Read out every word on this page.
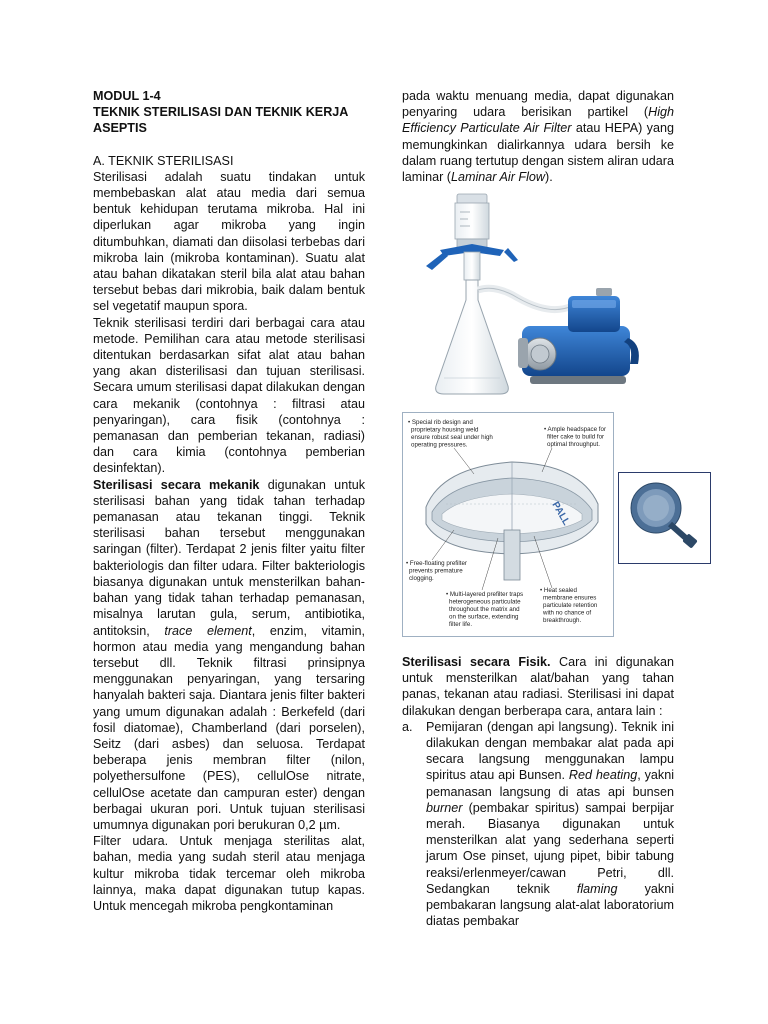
MODUL 1-4

TEKNIK STERILISASI DAN TEKNIK KERJA

ASEPTIS

A. TEKNIK STERILISASI

Sterilisasi adalah suatu tindakan untuk membebaskan alat atau media dari semua bentuk kehidupan terutama mikroba. Hal ini diperlukan agar mikroba yang ingin ditumbuhkan, diamati dan diisolasi terbebas dari mikroba lain (mikroba kontaminan). Suatu alat atau bahan dikatakan steril bila alat atau bahan tersebut bebas dari mikrobia, baik dalam bentuk sel vegetatif maupun spora.

Teknik sterilisasi terdiri dari berbagai cara atau metode. Pemilihan cara atau metode sterilisasi ditentukan berdasarkan sifat alat atau bahan yang akan disterilisasi dan tujuan sterilisasi. Secara umum sterilisasi dapat dilakukan dengan cara mekanik (contohnya : filtrasi atau penyaringan), cara fisik (contohnya : pemanasan dan pemberian tekanan, radiasi) dan cara kimia (contohnya pemberian desinfektan).

Sterilisasi secara mekanik digunakan untuk sterilisasi bahan yang tidak tahan terhadap pemanasan atau tekanan tinggi. Teknik sterilisasi bahan tersebut menggunakan saringan (filter). Terdapat 2 jenis filter yaitu filter bakteriologis dan filter udara. Filter bakteriologis biasanya digunakan untuk mensterilkan bahan-bahan yang tidak tahan terhadap pemanasan, misalnya larutan gula, serum, antibiotika, antitoksin, trace element, enzim, vitamin, hormon atau media yang mengandung bahan tersebut dll. Teknik filtrasi prinsipnya menggunakan penyaringan, yang tersaring hanyalah bakteri saja. Diantara jenis filter bakteri yang umum digunakan adalah : Berkefeld (dari fosil diatomae), Chamberland (dari porselen), Seitz (dari asbes) dan seluosa. Terdapat beberapa jenis membran filter (nilon, polyethersulfone (PES), cellulOse nitrate, cellulOse acetate dan campuran ester) dengan berbagai ukuran pori. Untuk tujuan sterilisasi umumnya digunakan pori berukuran 0,2 µm.

Filter udara. Untuk menjaga sterilitas alat, bahan, media yang sudah steril atau menjaga kultur mikroba tidak tercemar oleh mikroba lainnya, maka dapat digunakan tutup kapas. Untuk mencegah mikroba pengkontaminan

pada waktu menuang media, dapat digunakan penyaring udara berisikan partikel (High Efficiency Particulate Air Filter atau HEPA) yang memungkinkan dialirkannya udara bersih ke dalam ruang tertutup dengan sistem aliran udara laminar (Laminar Air Flow).

• Special rib design and
proprietary housing weld
ensure robust seal under high
operating pressures.
• Ample headspace for
filter cake to build for
optimal throughput.
PALL
• Free-floating prefilter
prevents premature
clogging.
• Multi-layered prefilter traps
heterogeneous particulate
throughout the matrix and
on the surface, extending
filter life.
• Heat sealed
membrane ensures
particulate retention
with no chance of
breakthrough.

Sterilisasi secara Fisik. Cara ini digunakan untuk mensterilkan alat/bahan yang tahan panas, tekanan atau radiasi. Sterilisasi ini dapat dilakukan dengan berberapa cara, antara lain :

a.	Pemijaran (dengan api langsung). Teknik ini dilakukan dengan membakar alat pada api secara langsung menggunakan lampu spiritus atau api Bunsen. Red heating, yakni pemanasan langsung di atas api bunsen burner (pembakar spiritus) sampai berpijar merah. Biasanya digunakan untuk mensterilkan alat yang sederhana seperti jarum Ose pinset, ujung pipet, bibir tabung reaksi/erlenmeyer/cawan Petri, dll. Sedangkan teknik flaming yakni pembakaran langsung alat-alat laboratorium diatas pembakar
